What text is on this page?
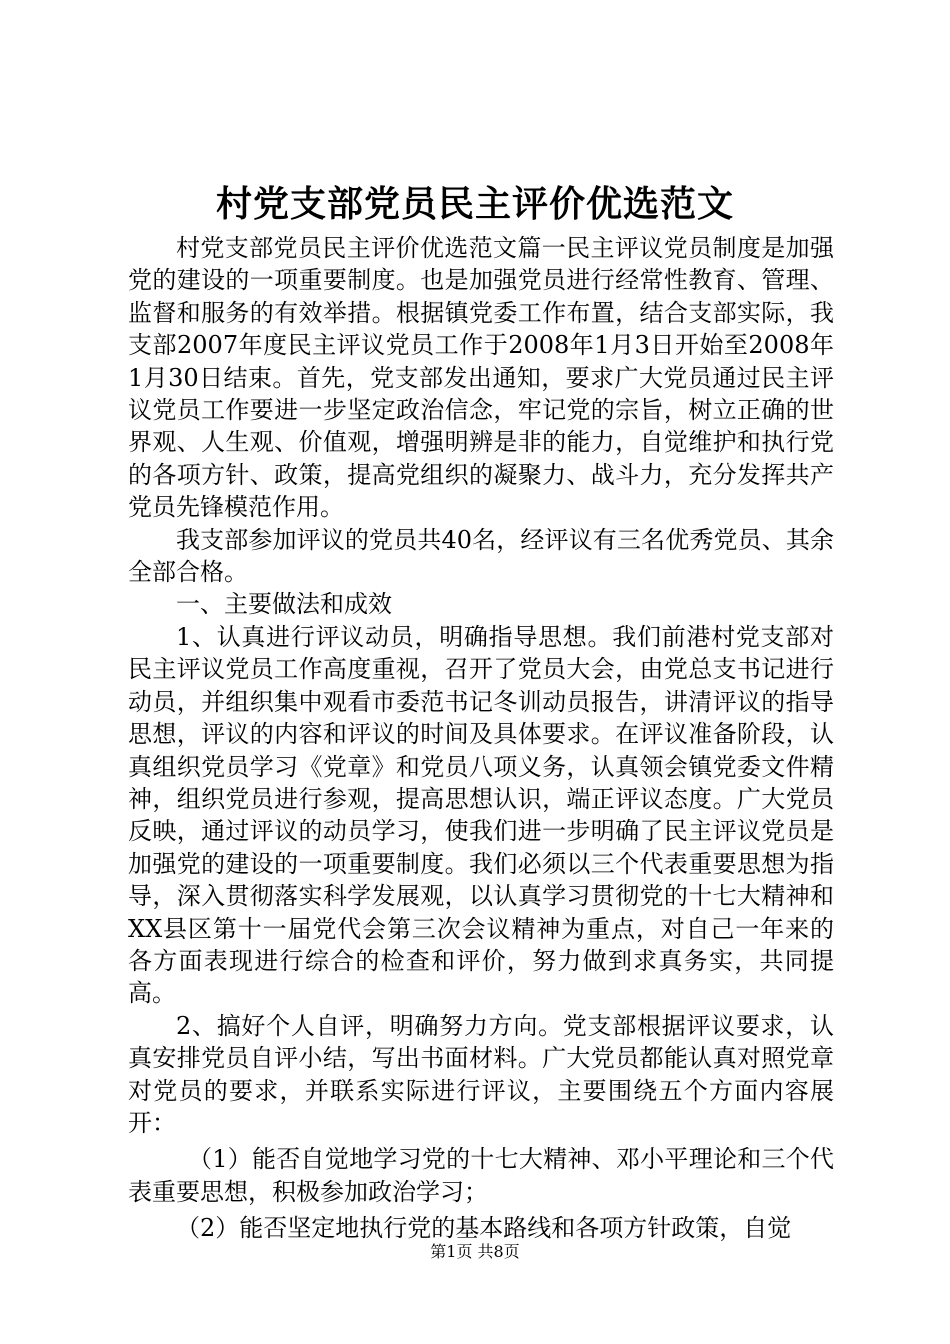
村党支部党员民主评价优选范文

村党支部党员民主评价优选范文篇一民主评议党员制度是加强党的建设的一项重要制度。也是加强党员进行经常性教育、管理、监督和服务的有效举措。根据镇党委工作布置，结合支部实际，我支部2007年度民主评议党员工作于2008年1月3日开始至2008年1月30日结束。首先，党支部发出通知，要求广大党员通过民主评议党员工作要进一步坚定政治信念，牢记党的宗旨，树立正确的世界观、人生观、价值观，增强明辨是非的能力，自觉维护和执行党的各项方针、政策，提高党组织的凝聚力、战斗力，充分发挥共产党员先锋模范作用。

我支部参加评议的党员共40名，经评议有三名优秀党员、其余全部合格。

一、主要做法和成效

1、认真进行评议动员，明确指导思想。我们前港村党支部对民主评议党员工作高度重视，召开了党员大会，由党总支书记进行动员，并组织集中观看市委范书记冬训动员报告，讲清评议的指导思想，评议的内容和评议的时间及具体要求。在评议准备阶段，认真组织党员学习《党章》和党员八项义务，认真领会镇党委文件精神，组织党员进行参观，提高思想认识，端正评议态度。广大党员反映，通过评议的动员学习，使我们进一步明确了民主评议党员是加强党的建设的一项重要制度。我们必须以三个代表重要思想为指导，深入贯彻落实科学发展观，以认真学习贯彻党的十七大精神和XX县区第十一届党代会第三次会议精神为重点，对自己一年来的各方面表现进行综合的检查和评价，努力做到求真务实，共同提高。

2、搞好个人自评，明确努力方向。党支部根据评议要求，认真安排党员自评小结，写出书面材料。广大党员都能认真对照党章对党员的要求，并联系实际进行评议，主要围绕五个方面内容展开：

（1）能否自觉地学习党的十七大精神、邓小平理论和三个代表重要思想，积极参加政治学习；

（2）能否坚定地执行党的基本路线和各项方针政策，自觉

第1页 共8页
